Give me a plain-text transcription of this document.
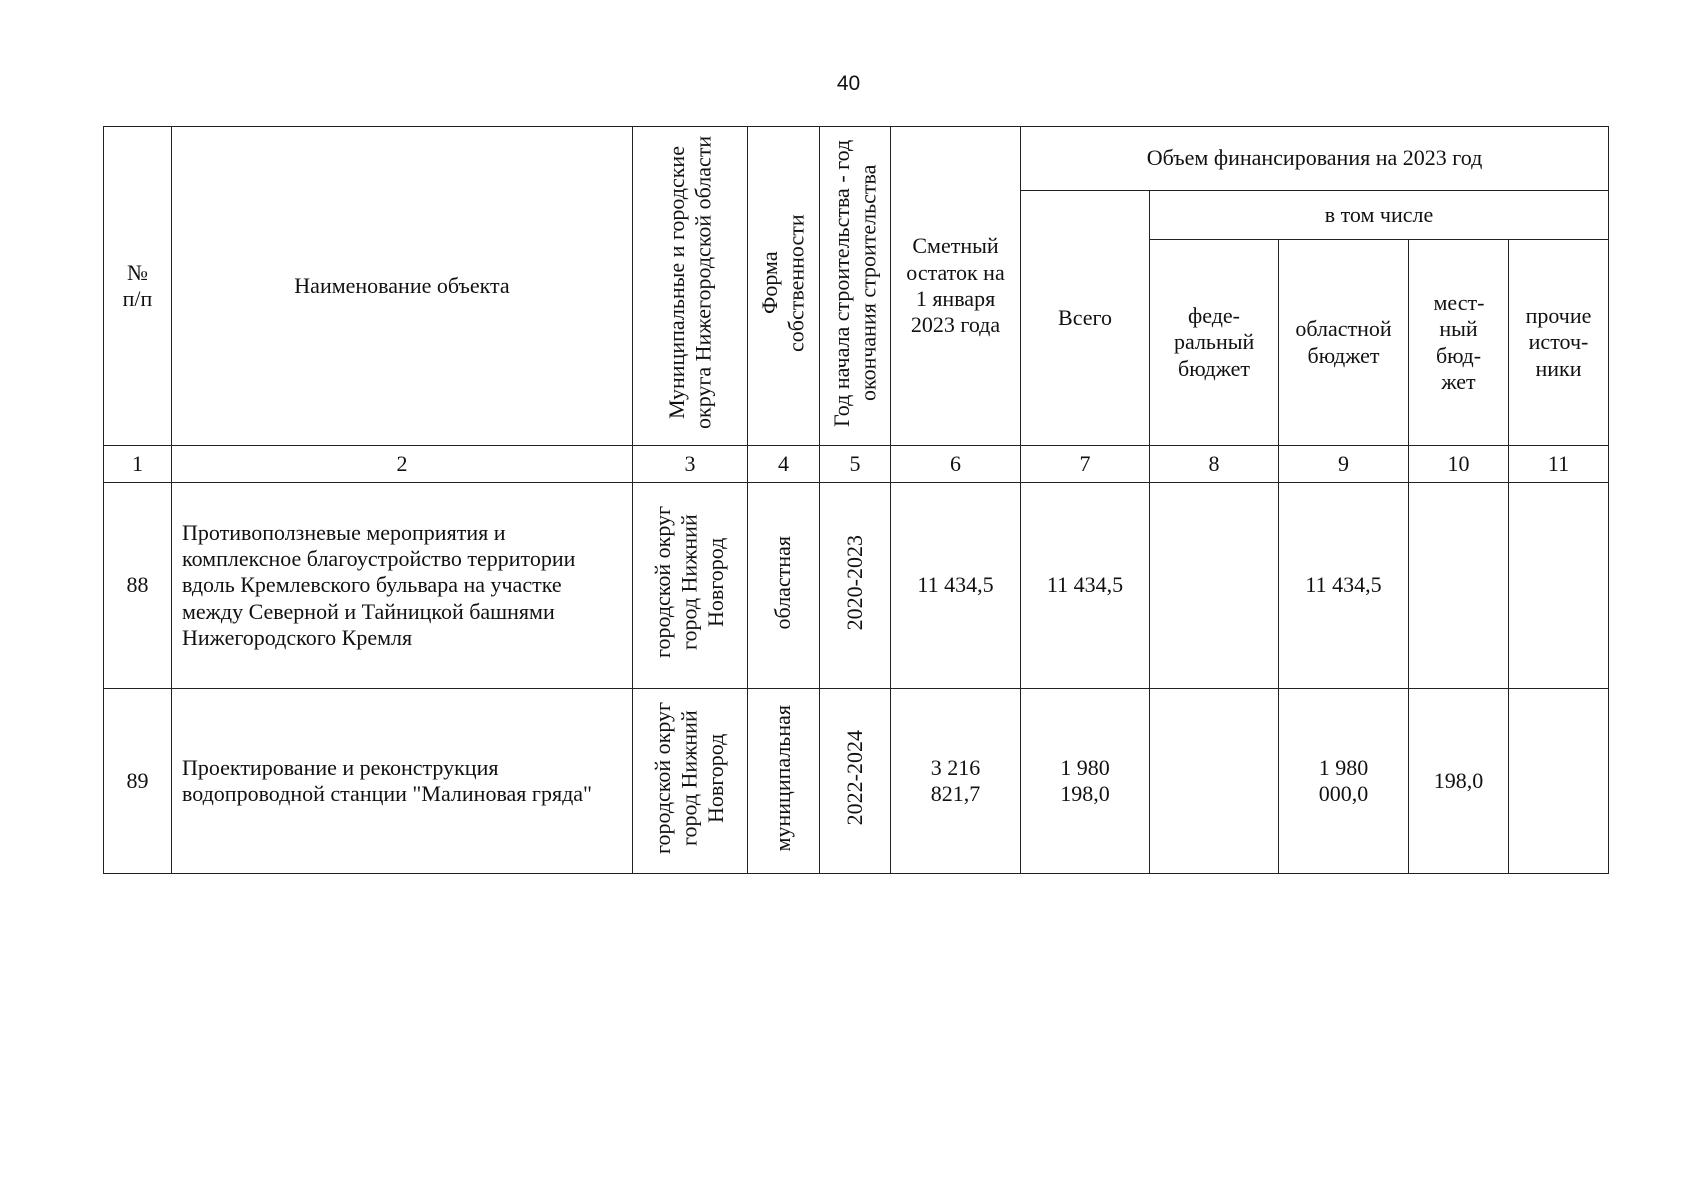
40
№ п/п	Наименование объекта	Муниципальные и городские округа Нижегородской области	Форма собственности	Год начала строительства - год окончания строительства	Сметный остаток на 1 января 2023 года	Объем финансирования на 2023 год				
						Всего	в том числе			
							феде-ральный бюджет	областной бюджет	мест-ный бюд-жет	прочие источ-ники
1	2	3	4	5	6	7	8	9	10	11
88	Противоползневые мероприятия и комплексное благоустройство территории вдоль Кремлевского бульвара на участке между Северной и Тайницкой башнями Нижегородского Кремля	городской округ город Нижний Новгород	областная	2020-2023	11 434,5	11 434,5		11 434,5		
89	Проектирование и реконструкция водопроводной станции "Малиновая гряда"	городской округ город Нижний Новгород	муниципальная	2022-2024	3 216 821,7	1 980 198,0		1 980 000,0	198,0	
